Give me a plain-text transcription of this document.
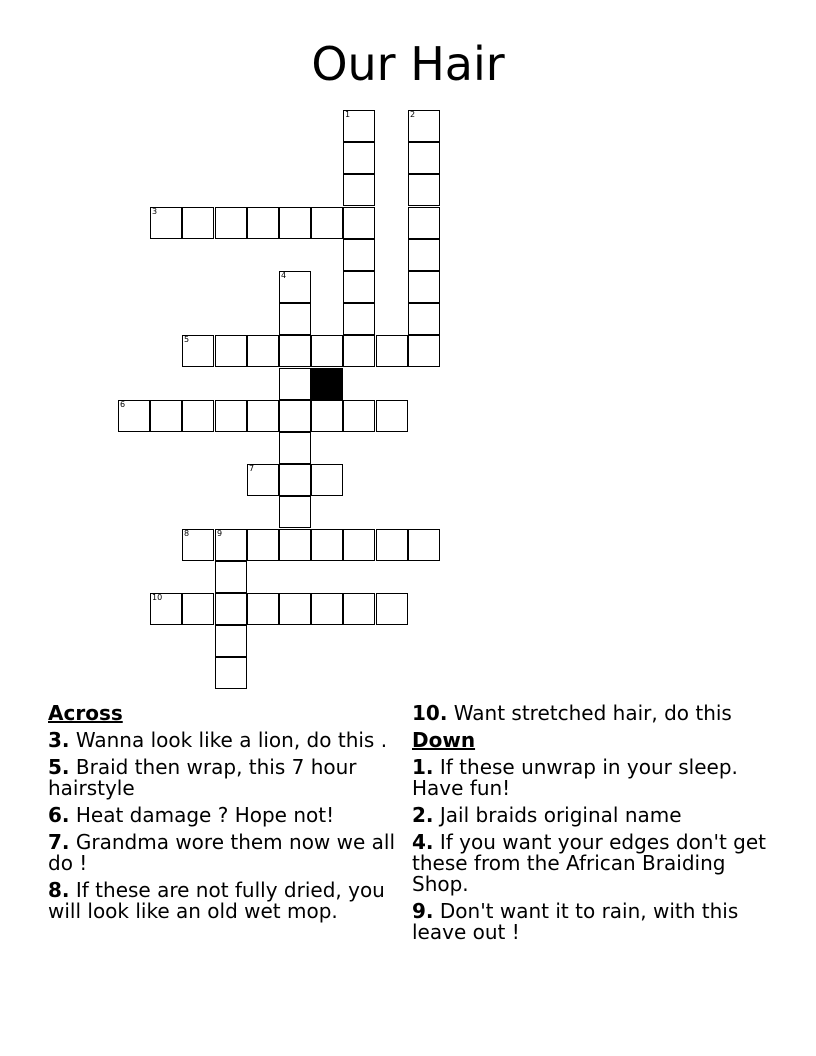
Our Hair
1	2
3
4
5
6
7
8	9
10
Across
3. Wanna look like a lion, do this .
5. Braid then wrap, this 7 hour hairstyle
6. Heat damage ? Hope not!
7. Grandma wore them now we all do !
8. If these are not fully dried, you will look like an old wet mop.
10. Want stretched hair, do this
Down
1. If these unwrap in your sleep. Have fun!
2. Jail braids original name
4. If you want your edges don't get these from the African Braiding Shop.
9. Don't want it to rain, with this leave out !
